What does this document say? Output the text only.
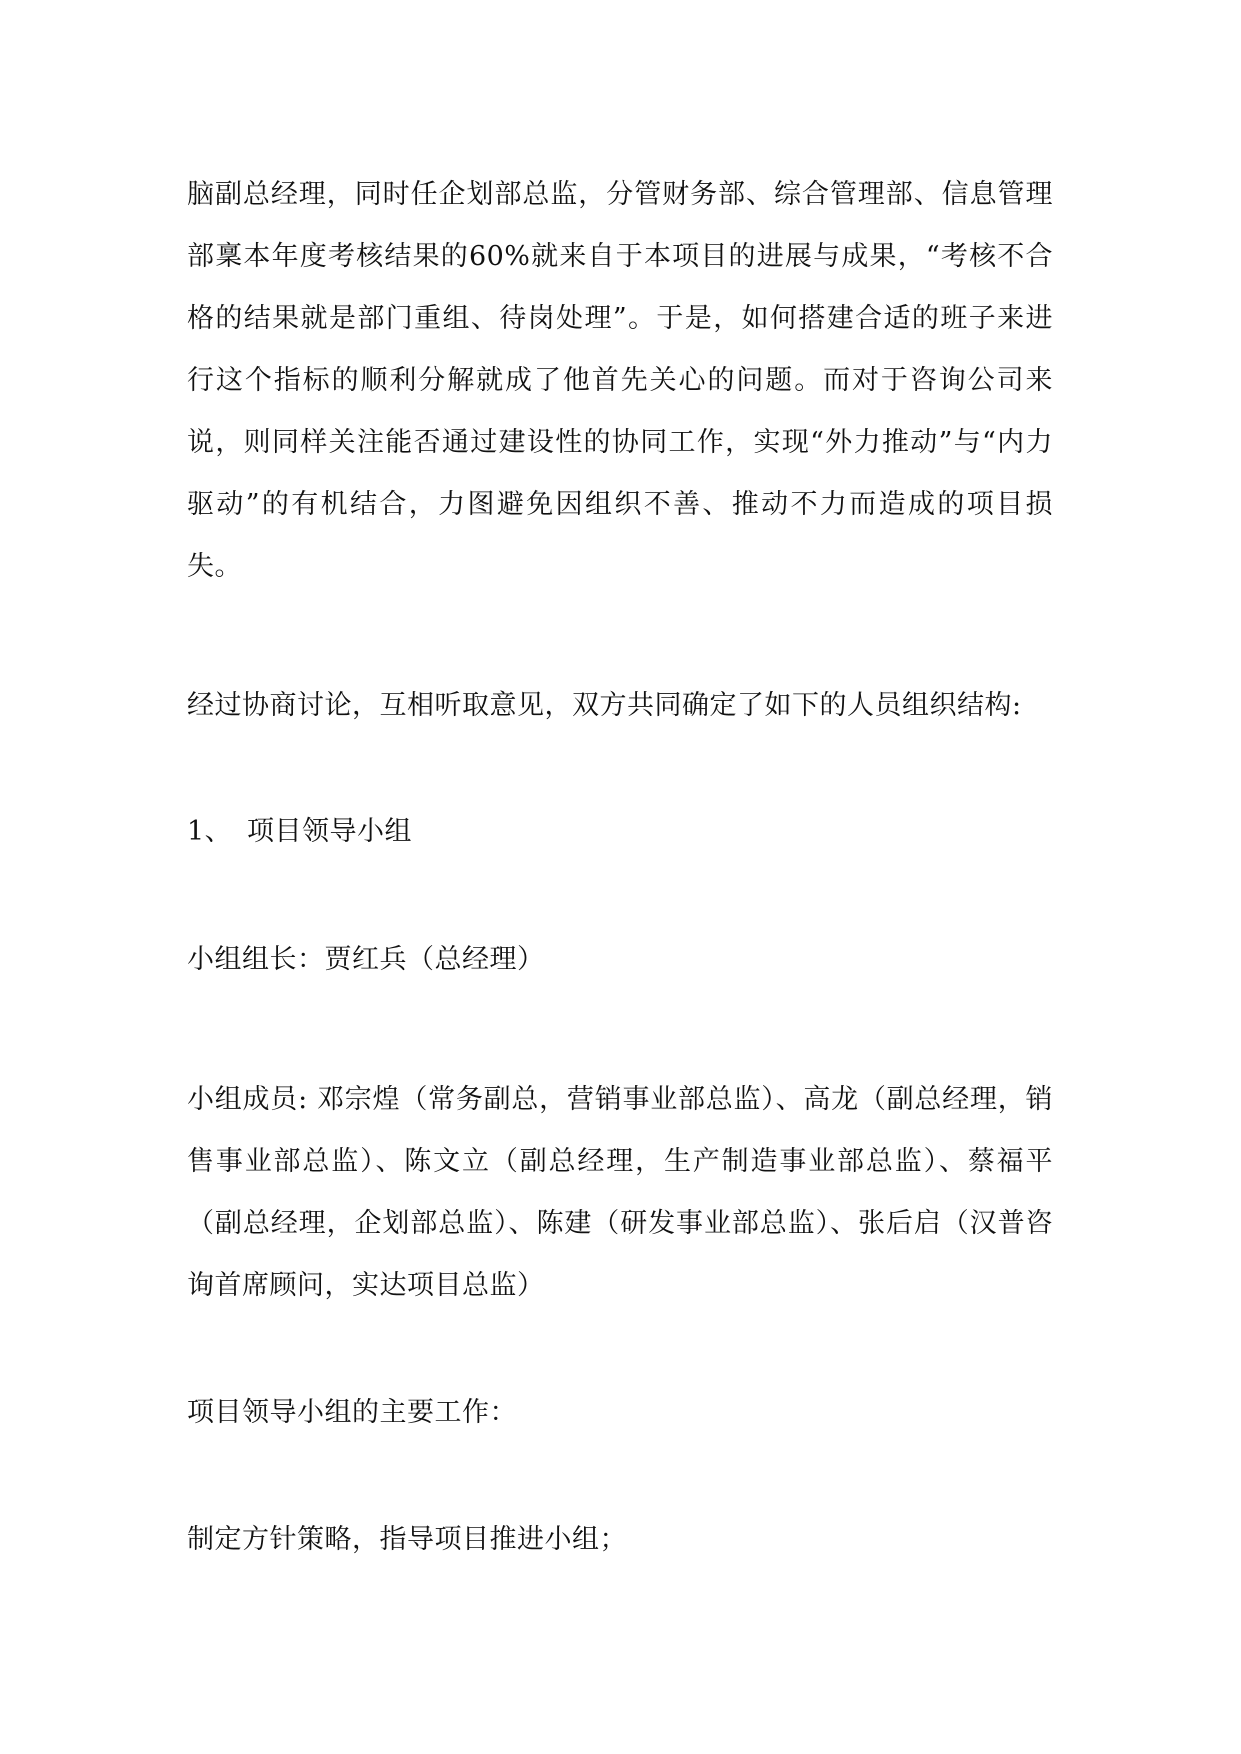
脑副总经理，同时任企划部总监，分管财务部、综合管理部、信息管理部稟本年度考核结果的60%就来自于本项目的进展与成果，“考核不合格的结果就是部门重组、待岗处理”。于是，如何搭建合适的班子来进行这个指标的顺利分解就成了他首先关心的问题。而对于咨询公司来说，则同样关注能否通过建设性的协同工作，实现“外力推动”与“内力驱动”的有机结合，力图避免因组织不善、推动不力而造成的项目损失。

经过协商讨论，互相听取意见，双方共同确定了如下的人员组织结构:

1、 项目领导小组

小组组长：贾红兵（总经理）

小组成员: 邓宗煌（常务副总，营销事业部总监）、高龙（副总经理，销售事业部总监）、陈文立（副总经理，生产制造事业部总监）、蔡福平（副总经理，企划部总监）、陈建（研发事业部总监）、张后启（汉普咨询首席顾问，实达项目总监）

项目领导小组的主要工作：

制定方针策略，指导项目推进小组；
